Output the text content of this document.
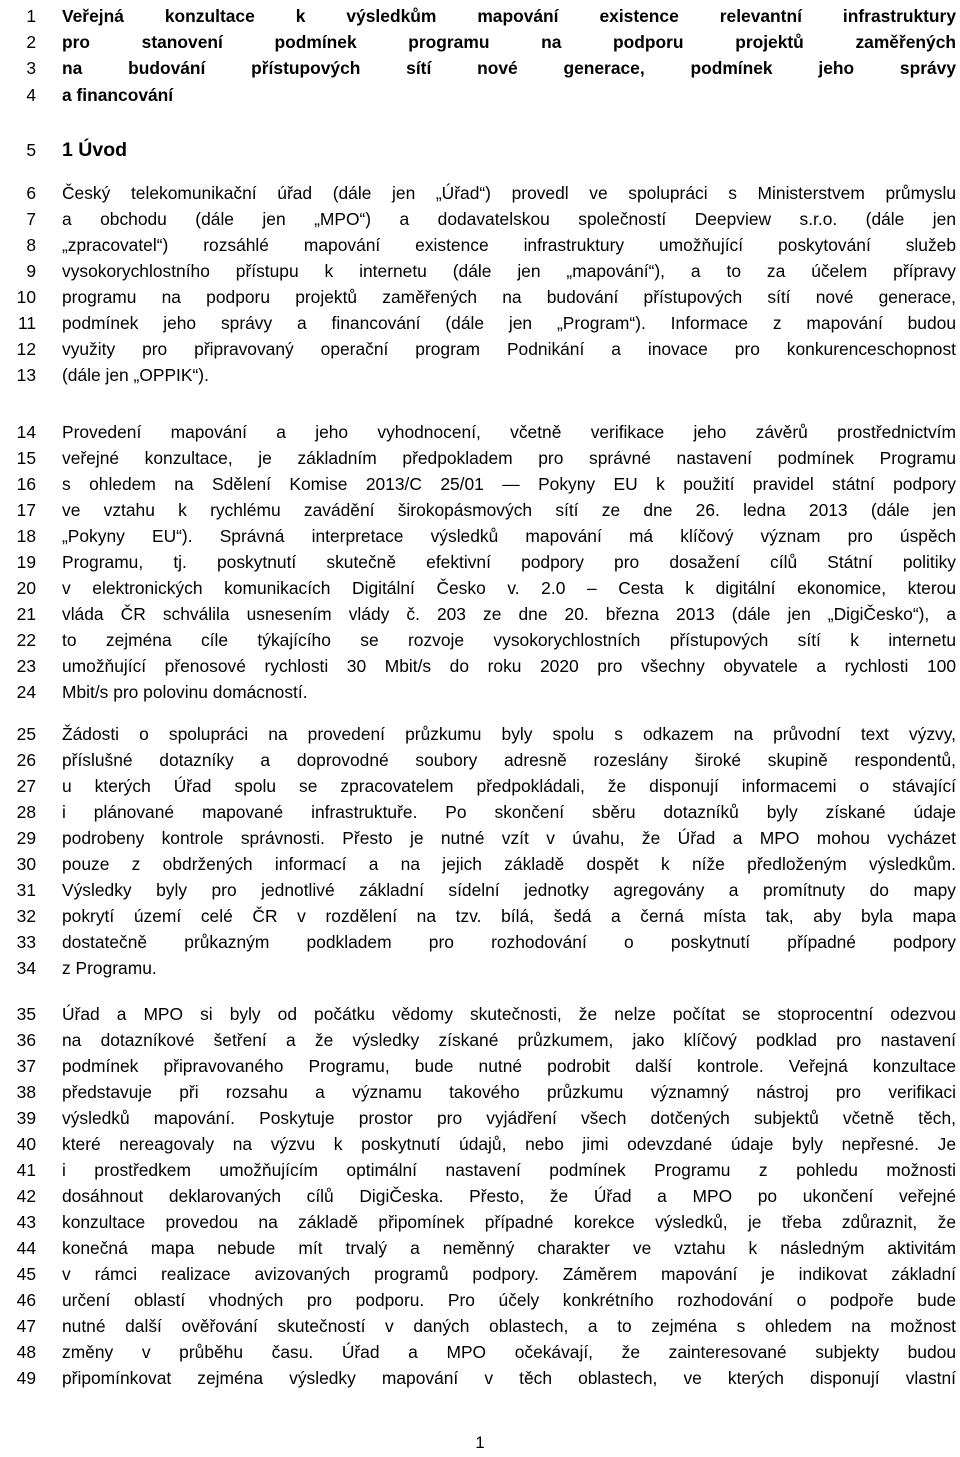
1 Veřejná konzultace k výsledkům mapování existence relevantní infrastruktury
2 pro stanovení podmínek programu na podporu projektů zaměřených
3 na budování přístupových sítí nové generace, podmínek jeho správy
4 a financování
5 1 Úvod
6 Český telekomunikační úřad (dále jen „Úřad“) provedl ve spolupráci s Ministerstvem průmyslu
7 a obchodu (dále jen „MPO“) a dodavatelskou společností Deepview s.r.o. (dále jen
8 „zpracovatel“) rozsáhlé mapování existence infrastruktury umožňující poskytování služeb
9 vysokorychlostního přístupu k internetu (dále jen „mapování“), a to za účelem přípravy
10 programu na podporu projektů zaměřených na budování přístupových sítí nové generace,
11 podmínek jeho správy a financování (dále jen „Program“). Informace z mapování budou
12 využity pro připravovaný operační program Podnikání a inovace pro konkurenceschopnost
13 (dále jen „OPPIK“).
14 Provedení mapování a jeho vyhodnocení, včetně verifikace jeho závěrů prostřednictvím
15 veřejné konzultace, je základním předpokladem pro správné nastavení podmínek Programu
16 s ohledem na Sdělení Komise 2013/C 25/01 — Pokyny EU k použití pravidel státní podpory
17 ve vztahu k rychlému zavádění širokopásmových sítí ze dne 26. ledna 2013 (dále jen
18 „Pokyny EU“). Správná interpretace výsledků mapování má klíčový význam pro úspěch
19 Programu, tj. poskytnutí skutečně efektivní podpory pro dosažení cílů Státní politiky
20 v elektronických komunikacích Digitální Česko v. 2.0 – Cesta k digitální ekonomice, kterou
21 vláda ČR schválila usnesením vlády č. 203 ze dne 20. března 2013 (dále jen „DigiČesko“), a
22 to zejména cíle týkajícího se rozvoje vysokorychlostních přístupových sítí k internetu
23 umožňující přenosové rychlosti 30 Mbit/s do roku 2020 pro všechny obyvatele a rychlosti 100
24 Mbit/s pro polovinu domácností.
25 Žádosti o spolupráci na provedení průzkumu byly spolu s odkazem na průvodní text výzvy,
26 příslušné dotazníky a doprovodné soubory adresně rozeslány široké skupině respondentů,
27 u kterých Úřad spolu se zpracovatelem předpokládali, že disponují informacemi o stávající
28 i plánované mapované infrastruktuře. Po skončení sběru dotazníků byly získané údaje
29 podrobeny kontrole správnosti. Přesto je nutné vzít v úvahu, že Úřad a MPO mohou vycházet
30 pouze z obdržených informací a na jejich základě dospět k níže předloženým výsledkům.
31 Výsledky byly pro jednotlivé základní sídelní jednotky agregovány a promítnuty do mapy
32 pokrytí území celé ČR v rozdělení na tzv. bílá, šedá a černá místa tak, aby byla mapa
33 dostatečně průkazným podkladem pro rozhodování o poskytnutí případné podpory
34 z Programu.
35 Úřad a MPO si byly od počátku vědomy skutečnosti, že nelze počítat se stoprocentní odezvou
36 na dotazníkové šetření a že výsledky získané průzkumem, jako klíčový podklad pro nastavení
37 podmínek připravovaného Programu, bude nutné podrobit další kontrole. Veřejná konzultace
38 představuje při rozsahu a významu takového průzkumu významný nástroj pro verifikaci
39 výsledků mapování. Poskytuje prostor pro vyjádření všech dotčených subjektů včetně těch,
40 které nereagovaly na výzvu k poskytnutí údajů, nebo jimi odevzdané údaje byly nepřesné. Je
41 i prostředkem umožňujícím optimální nastavení podmínek Programu z pohledu možnosti
42 dosáhnout deklarovaných cílů DigiČeska. Přesto, že Úřad a MPO po ukončení veřejné
43 konzultace provedou na základě připomínek případné korekce výsledků, je třeba zdůraznit, že
44 konečná mapa nebude mít trvalý a neměnný charakter ve vztahu k následným aktivitám
45 v rámci realizace avizovaných programů podpory. Záměrem mapování je indikovat základní
46 určení oblastí vhodných pro podporu. Pro účely konkrétního rozhodování o podpoře bude
47 nutné další ověřování skutečností v daných oblastech, a to zejména s ohledem na možnost
48 změny v průběhu času. Úřad a MPO očekávají, že zainteresované subjekty budou
49 připomínkovat zejména výsledky mapování v těch oblastech, ve kterých disponují vlastní
1
